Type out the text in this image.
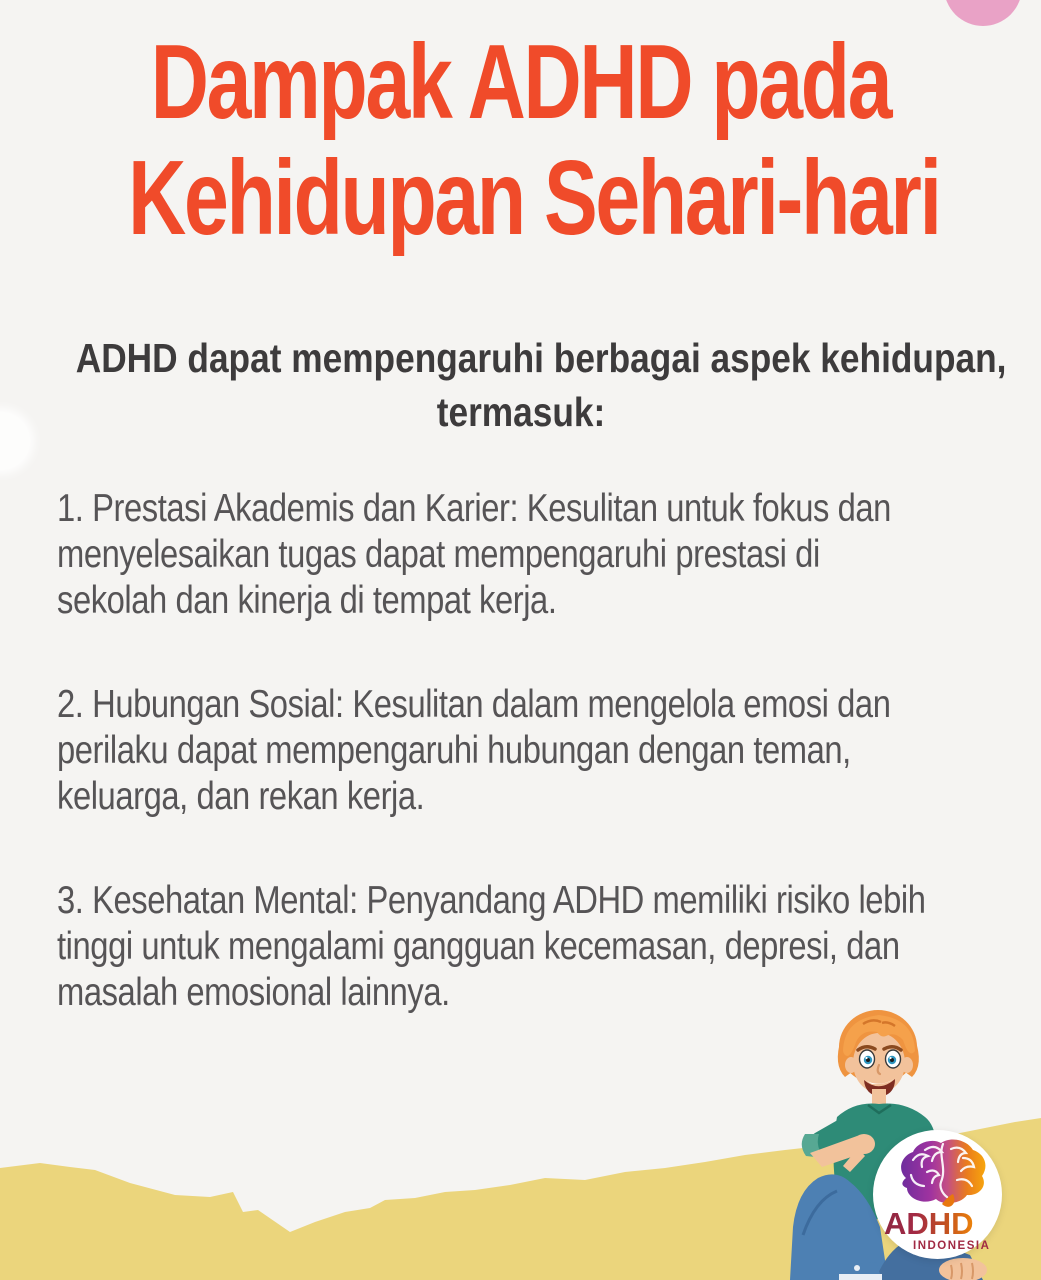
Dampak ADHD pada
Kehidupan Sehari-hari
ADHD dapat mempengaruhi berbagai aspek kehidupan,
termasuk:
1. Prestasi Akademis dan Karier: Kesulitan untuk fokus dan
menyelesaikan tugas dapat mempengaruhi prestasi di
sekolah dan kinerja di tempat kerja.
2. Hubungan Sosial: Kesulitan dalam mengelola emosi dan
perilaku dapat mempengaruhi hubungan dengan teman,
keluarga, dan rekan kerja.
3. Kesehatan Mental: Penyandang ADHD memiliki risiko lebih
tinggi untuk mengalami gangguan kecemasan, depresi, dan
masalah emosional lainnya.
ADHD
INDONESIA
